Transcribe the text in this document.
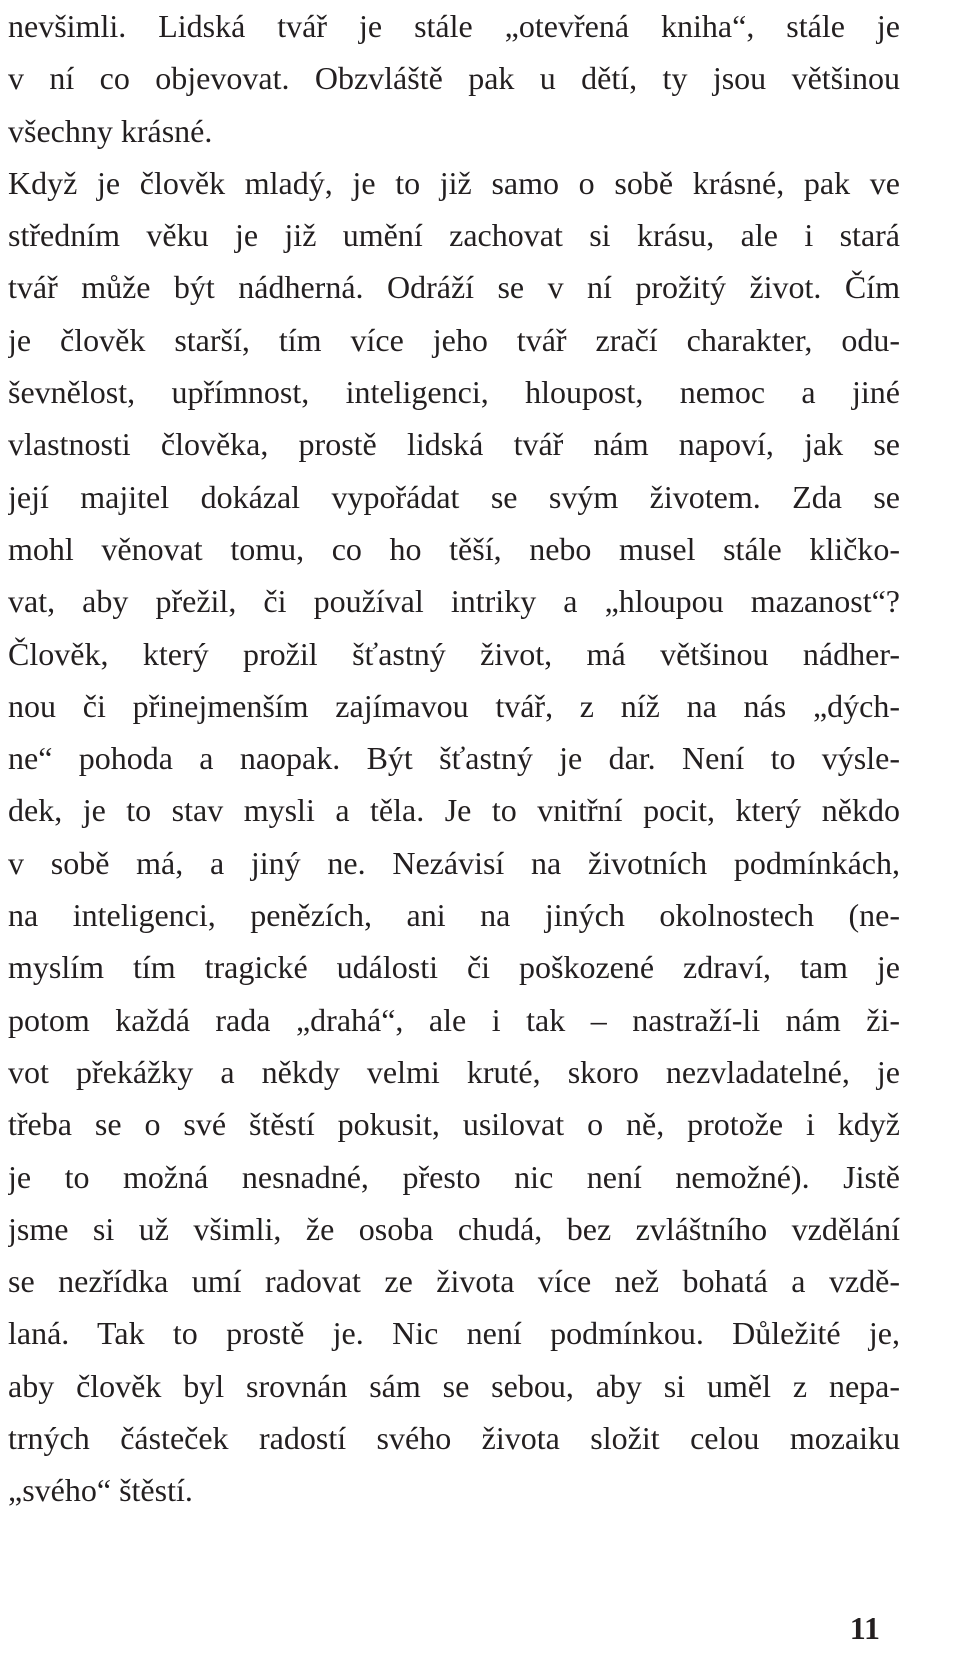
nevšimli. Lidská tvář je stále „otevřená kniha“, stále je
v ní co objevovat. Obzvláště pak u dětí, ty jsou většinou
všechny krásné.
Když je člověk mladý, je to již samo o sobě krásné, pak ve
středním věku je již umění zachovat si krásu, ale i stará
tvář může být nádherná. Odráží se v ní prožitý život. Čím
je člověk starší, tím více jeho tvář zračí charakter, odu-
ševnělost, upřímnost, inteligenci, hloupost, nemoc a jiné
vlastnosti člověka, prostě lidská tvář nám napoví, jak se
její majitel dokázal vypořádat se svým životem. Zda se
mohl věnovat tomu, co ho těší, nebo musel stále kličko-
vat, aby přežil, či používal intriky a „hloupou mazanost“?
Člověk, který prožil šťastný život, má většinou nádher-
nou či přinejmenším zajímavou tvář, z níž na nás „dých-
ne“ pohoda a naopak. Být šťastný je dar. Není to výsle-
dek, je to stav mysli a těla. Je to vnitřní pocit, který někdo
v sobě má, a jiný ne. Nezávisí na životních podmínkách,
na inteligenci, penězích, ani na jiných okolnostech (ne-
myslím tím tragické události či poškozené zdraví, tam je
potom každá rada „drahá“, ale i tak – nastraží-li nám ži-
vot překážky a někdy velmi kruté, skoro nezvladatelné, je
třeba se o své štěstí pokusit, usilovat o ně, protože i když
je to možná nesnadné, přesto nic není nemožné). Jistě
jsme si už všimli, že osoba chudá, bez zvláštního vzdělání
se nezřídka umí radovat ze života více než bohatá a vzdě-
laná. Tak to prostě je. Nic není podmínkou. Důležité je,
aby člověk byl srovnán sám se sebou, aby si uměl z nepa-
trných částeček radostí svého života složit celou mozaiku
„svého“ štěstí.
11
